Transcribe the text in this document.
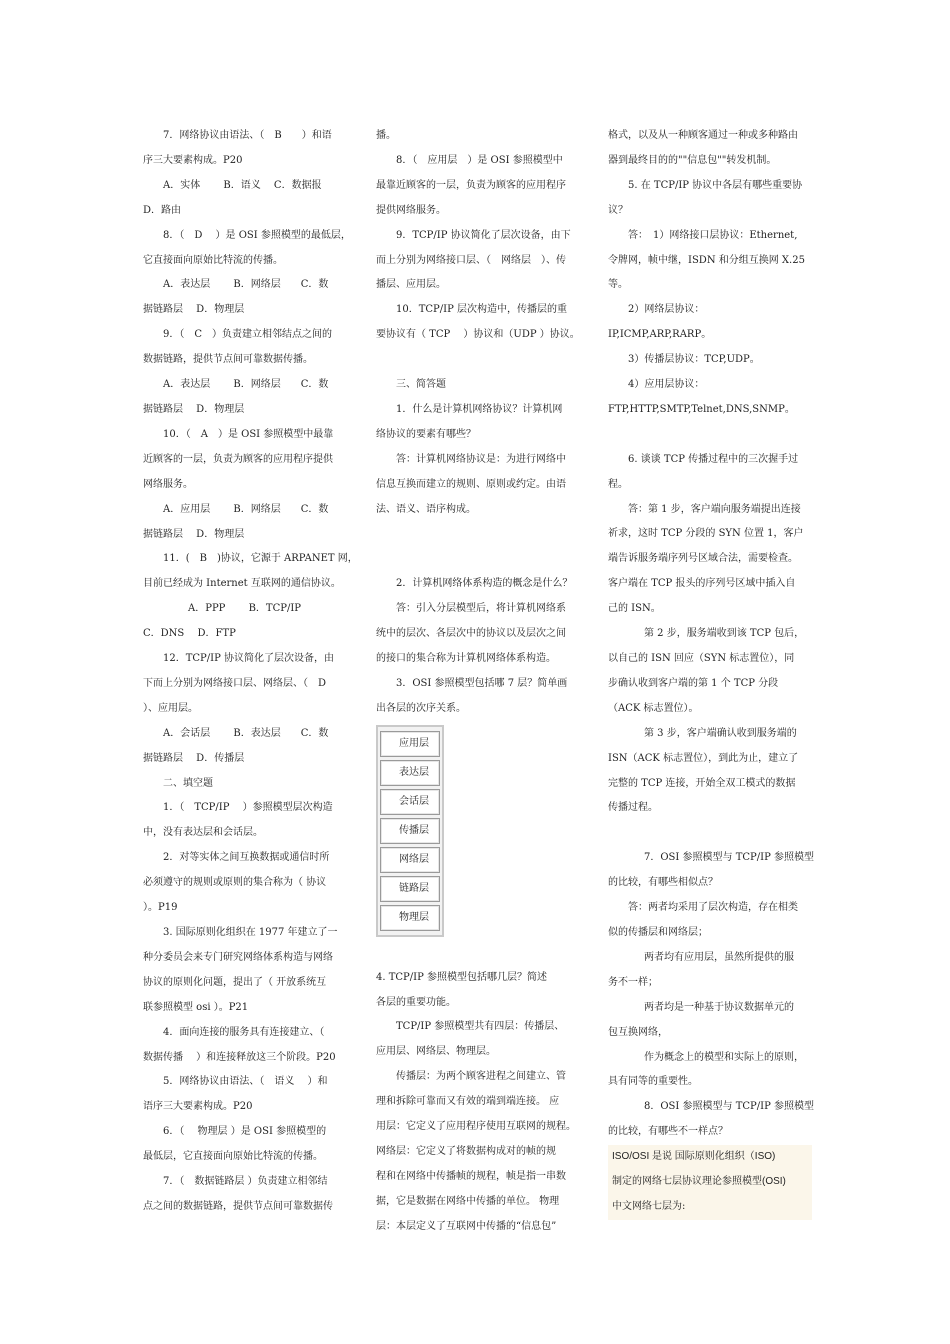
7．网络协议由语法、（　B　　）和语

序三大要素构成。P20

A．实体　　 B．语义　 C．数据报

D．路由

8．（　D　 ）是 OSI 参照模型的最低层，

它直接面向原始比特流的传播。

A．表达层　　 B．网络层　　C．数

据链路层　 D．物理层

9．（　C　）负责建立相邻结点之间的

数据链路，提供节点间可靠数据传播。

A．表达层　　 B．网络层　　C．数

据链路层　 D．物理层

10．（　A　）是 OSI 参照模型中最靠

近顾客的一层，负责为顾客的应用程序提供

网络服务。

A．应用层　　 B．网络层　　C．数

据链路层　 D．物理层

11．(　B　)协议，它源于 ARPANET 网，

目前已经成为 Internet 互联网的通信协议。

A．PPP　　 B．TCP/IP

C．DNS　 D．FTP

12．TCP/IP 协议简化了层次设备，由

下而上分别为网络接口层、网络层、（　D

）、应用层。

A．会话层　　 B．表达层　　C．数

据链路层　 D．传播层

二、填空题

1．（　TCP/IP　 ）参照模型层次构造

中，没有表达层和会话层。

2．对等实体之间互换数据或通信时所

必须遵守的规则或原则的集合称为（ 协议

）。P19

3. 国际原则化组织在 1977 年建立了一

种分委员会来专门研究网络体系构造与网络

协议的原则化问题，提出了（ 开放系统互

联参照模型 osi ）。P21

4．面向连接的服务具有连接建立、（

数据传播　 ）和连接释放这三个阶段。P20

5．网络协议由语法、（　语义　 ）和

语序三大要素构成。P20

6．（　 物理层 ）是 OSI 参照模型的

最低层，它直接面向原始比特流的传播。

7．（　数据链路层 ）负责建立相邻结

点之间的数据链路，提供节点间可靠数据传

播。

8．（　应用层　）是 OSI 参照模型中

最靠近顾客的一层，负责为顾客的应用程序

提供网络服务。

9．TCP/IP 协议简化了层次设备，由下

而上分别为网络接口层、（　网络层　）、传

播层、应用层。

10．TCP/IP 层次构造中，传播层的重

要协议有（ TCP　 ）协议和（UDP ）协议。

三、简答题

1．什么是计算机网络协议？计算机网

络协议的要素有哪些？

答：计算机网络协议是：为进行网络中

信息互换而建立的规则、原则或约定。由语

法、语义、语序构成。

2．计算机网络体系构造的概念是什么？

答：引入分层模型后，将计算机网络系

统中的层次、各层次中的协议以及层次之间

的接口的集合称为计算机网络体系构造。

3．OSI 参照模型包括哪 7 层？简单画

出各层的次序关系。

应用层
表达层
会话层
传播层
网络层
链路层
物理层

4. TCP/IP 参照模型包括哪几层？简述

各层的重要功能。

TCP/IP 参照模型共有四层：传播层、

应用层、网络层、物理层。

传播层：为两个顾客进程之间建立、管

理和拆除可靠而又有效的端到端连接。 应

用层：它定义了应用程序使用互联网的规程。

网络层：它定义了将数据构成对的帧的规

程和在网络中传播帧的规程，帧是指一串数

据，它是数据在网络中传播的单位。 物理

层：本层定义了互联网中传播的“信息包”

格式，以及从一种顾客通过一种或多种路由

器到最终目的的""信息包""转发机制。

5. 在 TCP/IP 协议中各层有哪些重要协

议？

答：　1）网络接口层协议：Ethernet,

令牌网，帧中继，ISDN 和分组互换网 X.25

等。

2）网络层协议：

IP,ICMP,ARP,RARP。

3）传播层协议：TCP,UDP。

4）应用层协议：

FTP,HTTP,SMTP,Telnet,DNS,SNMP。

6. 谈谈 TCP 传播过程中的三次握手过

程。

答：第 1 步，客户端向服务端提出连接

祈求，这时 TCP 分段的 SYN 位置 1，客户

端告诉服务端序列号区域合法，需要检查。

客户端在 TCP 报头的序列号区域中插入自

己的 ISN。

第 2 步，服务端收到该 TCP 包后，

以自己的 ISN 回应（SYN 标志置位），同

步确认收到客户端的第 1 个 TCP 分段

（ACK 标志置位）。

第 3 步，客户端确认收到服务端的

ISN（ACK 标志置位），到此为止，建立了

完整的 TCP 连接，开始全双工模式的数据

传播过程。

7．OSI 参照模型与 TCP/IP 参照模型

的比较，有哪些相似点？

答：两者均采用了层次构造，存在相类

似的传播层和网络层；

两者均有应用层，虽然所提供的服

务不一样；

两者均是一种基于协议数据单元的

包互换网络，

作为概念上的模型和实际上的原则，

具有同等的重要性。

8．OSI 参照模型与 TCP/IP 参照模型

的比较，有哪些不一样点？

ISO/OSI 是说 国际原则化组织（ISO)

制定的网络七层协议理论参照模型(OSI)

中文网络七层为:
